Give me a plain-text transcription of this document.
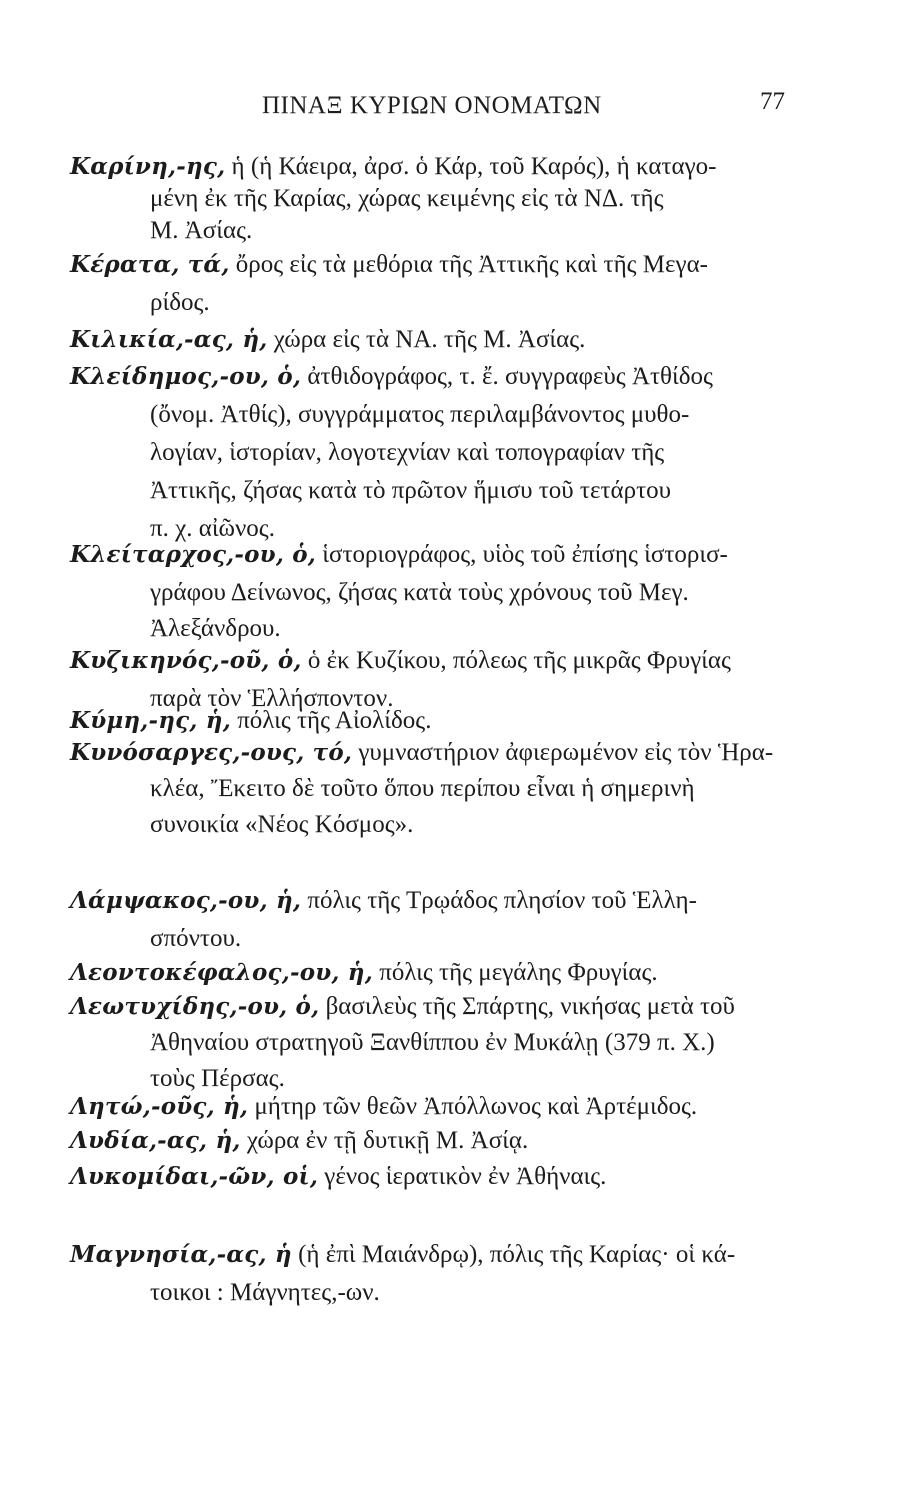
ΠΙΝΑΞ ΚΥΡΙΩΝ ΟΝΟΜΑΤΩΝ	77
Καρίνη,-ης, ἡ (ἡ Κάειρα, ἀρσ. ὁ Κάρ, τοῦ Καρός), ἡ καταγο-
μένη ἐκ τῆς Καρίας, χώρας κειμένης εἰς τὰ ΝΔ. τῆς
Μ. Ἀσίας.
Κέρατα, τά, ὄρος εἰς τὰ μεθόρια τῆς Ἀττικῆς καὶ τῆς Μεγα-
ρίδος.
Κιλικία,-ας, ἡ, χώρα εἰς τὰ ΝΑ. τῆς Μ. Ἀσίας.
Κλείδημος,-ου, ὁ, ἀτθιδογράφος, τ. ἔ. συγγραφεὺς Ἀτθίδος
(ὄνομ. Ἀτθίς), συγγράμματος περιλαμβάνοντος μυθο-
λογίαν, ἱστορίαν, λογοτεχνίαν καὶ τοπογραφίαν τῆς
Ἀττικῆς, ζήσας κατὰ τὸ πρῶτον ἥμισυ τοῦ τετάρτου
π. χ. αἰῶνος.
Κλείταρχος,-ου, ὁ, ἱστοριογράφος, υἱὸς τοῦ ἐπίσης ἱστορισ-
γράφου Δείνωνος, ζήσας κατὰ τοὺς χρόνους τοῦ Μεγ.
Ἀλεξάνδρου.
Κυζικηνός,-οῦ, ὁ, ὁ ἐκ Κυζίκου, πόλεως τῆς μικρᾶς Φρυγίας
παρὰ τὸν Ἑλλήσποντον.
Κύμη,-ης, ἡ, πόλις τῆς Αἰολίδος.
Κυνόσαργες,-ους, τό, γυμναστήριον ἀφιερωμένον εἰς τὸν Ἡρα-
κλέα, Ἔκειτο δὲ τοῦτο ὅπου περίπου εἶναι ἡ σημερινὴ
συνοικία «Νέος Κόσμος».
Λάμψακος,-ου, ἡ, πόλις τῆς Τρῳάδος πλησίον τοῦ Ἑλλη-
σπόντου.
Λεοντοκέφαλος,-ου, ἡ, πόλις τῆς μεγάλης Φρυγίας.
Λεωτυχίδης,-ου, ὁ, βασιλεὺς τῆς Σπάρτης, νικήσας μετὰ τοῦ
Ἀθηναίου στρατηγοῦ Ξανθίππου ἐν Μυκάλῃ (379 π. Χ.)
τοὺς Πέρσας.
Λητώ,-οῦς, ἡ, μήτηρ τῶν θεῶν Ἀπόλλωνος καὶ Ἀρτέμιδος.
Λυδία,-ας, ἡ, χώρα ἐν τῇ δυτικῇ Μ. Ἀσίᾳ.
Λυκομίδαι,-ῶν, οἱ, γένος ἱερατικὸν ἐν Ἀθήναις.
Μαγνησία,-ας, ἡ (ἡ ἐπὶ Μαιάνδρῳ), πόλις τῆς Καρίας· οἱ κά-
τοικοι : Μάγνητες,-ων.
